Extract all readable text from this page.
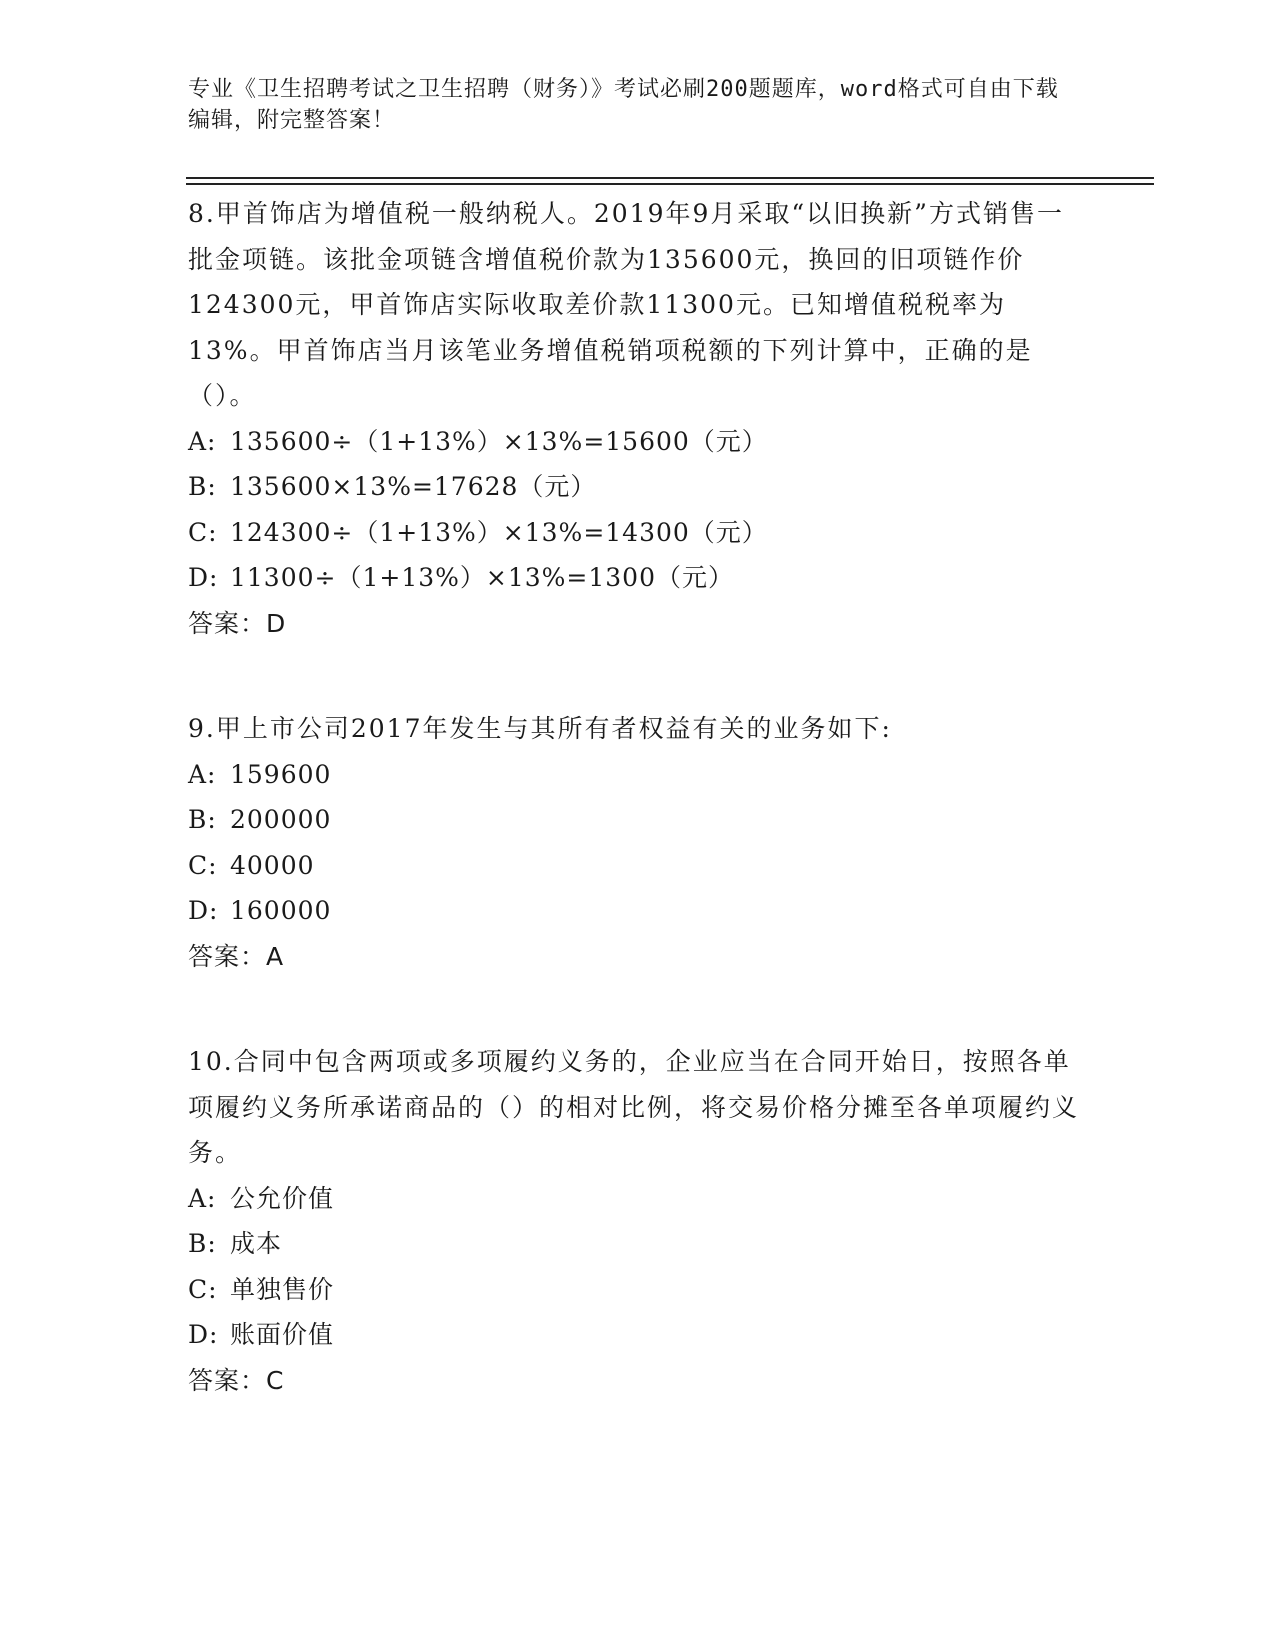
专业《卫生招聘考试之卫生招聘（财务）》考试必刷200题题库，word格式可自由下载编辑，附完整答案！

8.甲首饰店为增值税一般纳税人。2019年9月采取“以旧换新”方式销售一批金项链。该批金项链含增值税价款为135600元，换回的旧项链作价124300元，甲首饰店实际收取差价款11300元。已知增值税税率为13%。甲首饰店当月该笔业务增值税销项税额的下列计算中，正确的是（）。

A: 135600÷（1+13%）×13%=15600（元）

B: 135600×13%=17628（元）

C: 124300÷（1+13%）×13%=14300（元）

D: 11300÷（1+13%）×13%=1300（元）

答案：D

9.甲上市公司2017年发生与其所有者权益有关的业务如下:

A: 159600

B: 200000

C: 40000

D: 160000

答案：A

10.合同中包含两项或多项履约义务的，企业应当在合同开始日，按照各单项履约义务所承诺商品的（）的相对比例，将交易价格分摊至各单项履约义务。

A: 公允价值

B: 成本

C: 单独售价

D: 账面价值

答案：C
